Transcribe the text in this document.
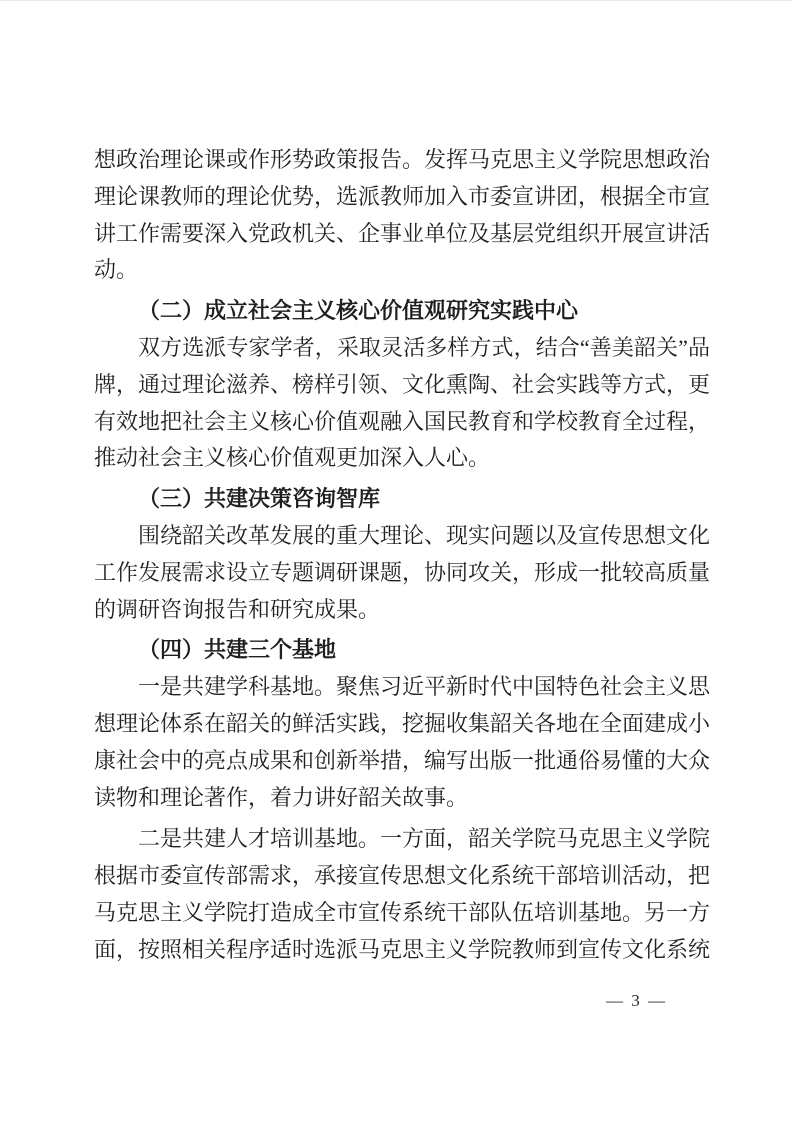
想政治理论课或作形势政策报告。发挥马克思主义学院思想政治理论课教师的理论优势，选派教师加入市委宣讲团，根据全市宣讲工作需要深入党政机关、企事业单位及基层党组织开展宣讲活动。

（二）成立社会主义核心价值观研究实践中心

双方选派专家学者，采取灵活多样方式，结合“善美韶关”品牌，通过理论滋养、榜样引领、文化熏陶、社会实践等方式，更有效地把社会主义核心价值观融入国民教育和学校教育全过程，推动社会主义核心价值观更加深入人心。

（三）共建决策咨询智库

围绕韶关改革发展的重大理论、现实问题以及宣传思想文化工作发展需求设立专题调研课题，协同攻关，形成一批较高质量的调研咨询报告和研究成果。

（四）共建三个基地

一是共建学科基地。聚焦习近平新时代中国特色社会主义思想理论体系在韶关的鲜活实践，挖掘收集韶关各地在全面建成小康社会中的亮点成果和创新举措，编写出版一批通俗易懂的大众读物和理论著作，着力讲好韶关故事。

二是共建人才培训基地。一方面，韶关学院马克思主义学院根据市委宣传部需求，承接宣传思想文化系统干部培训活动，把马克思主义学院打造成全市宣传系统干部队伍培训基地。另一方面，按照相关程序适时选派马克思主义学院教师到宣传文化系统

— 3 —
